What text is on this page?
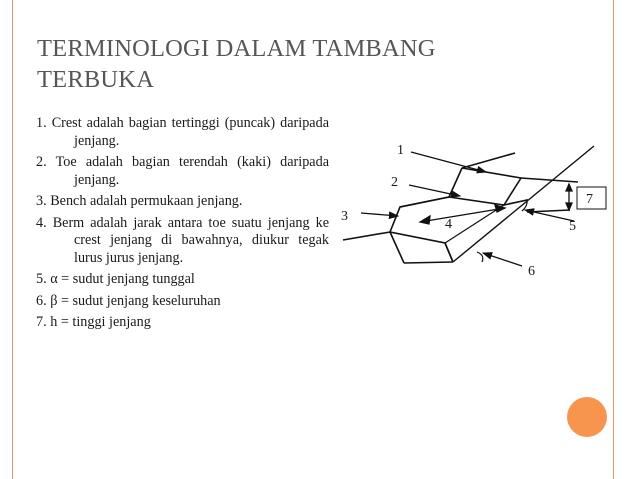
TERMINOLOGI DALAM TAMBANG
TERBUKA
1. Crest adalah bagian tertinggi (puncak) daripada jenjang.
2. Toe adalah bagian terendah (kaki) daripada jenjang.
3. Bench adalah permukaan jenjang.
4. Berm adalah jarak antara toe suatu jenjang ke crest jenjang di bawahnya, diukur tegak lurus jurus jenjang.
5. α = sudut jenjang tunggal
6. β = sudut jenjang keseluruhan
7. h = tinggi jenjang
1
2
3
4	5
6
7
